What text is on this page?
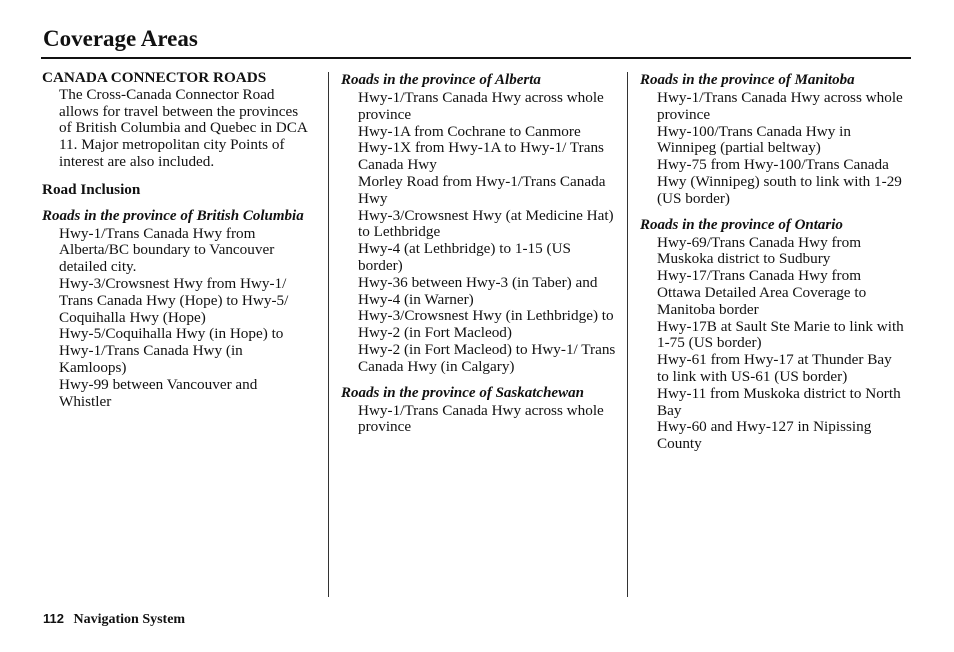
Coverage Areas
CANADA CONNECTOR ROADS
The Cross-Canada Connector Road allows for travel between the provinces of British Columbia and Quebec in DCA 11. Major metropolitan city Points of interest are also included.
Road Inclusion
Roads in the province of British Columbia
Hwy-1/Trans Canada Hwy from Alberta/BC boundary to Vancouver detailed city.
Hwy-3/Crowsnest Hwy from Hwy-1/ Trans Canada Hwy (Hope) to Hwy-5/ Coquihalla Hwy (Hope)
Hwy-5/Coquihalla Hwy (in Hope) to Hwy-1/Trans Canada Hwy (in Kamloops)
Hwy-99 between Vancouver and Whistler
Roads in the province of Alberta
Hwy-1/Trans Canada Hwy across whole province
Hwy-1A from Cochrane to Canmore
Hwy-1X from Hwy-1A to Hwy-1/ Trans Canada Hwy
Morley Road from Hwy-1/Trans Canada Hwy
Hwy-3/Crowsnest Hwy (at Medicine Hat) to Lethbridge
Hwy-4 (at Lethbridge) to 1-15 (US border)
Hwy-36 between Hwy-3 (in Taber) and Hwy-4 (in Warner)
Hwy-3/Crowsnest Hwy (in Lethbridge) to Hwy-2 (in Fort Macleod)
Hwy-2 (in Fort Macleod) to Hwy-1/ Trans Canada Hwy (in Calgary)
Roads in the province of Saskatchewan
Hwy-1/Trans Canada Hwy across whole province
Roads in the province of Manitoba
Hwy-1/Trans Canada Hwy across whole province
Hwy-100/Trans Canada Hwy in Winnipeg (partial beltway)
Hwy-75 from Hwy-100/Trans Canada Hwy (Winnipeg) south to link with 1-29 (US border)
Roads in the province of Ontario
Hwy-69/Trans Canada Hwy from Muskoka district to Sudbury
Hwy-17/Trans Canada Hwy from Ottawa Detailed Area Coverage to Manitoba border
Hwy-17B at Sault Ste Marie to link with 1-75 (US border)
Hwy-61 from Hwy-17 at Thunder Bay to link with US-61 (US border)
Hwy-11 from Muskoka district to North Bay
Hwy-60 and Hwy-127 in Nipissing County
112 Navigation System
